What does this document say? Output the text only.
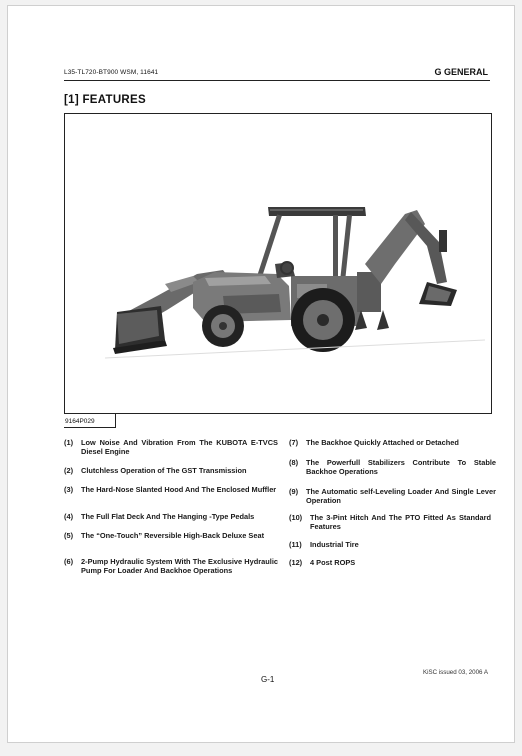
L35-TL720-BT900 WSM, 11641	G GENERAL
[1] FEATURES
9164P029
(1) Low Noise And Vibration From The KUBOTA E-TVCS Diesel Engine
(2) Clutchless Operation of The GST Transmission
(3) The Hard-Nose Slanted Hood And The Enclosed Muffler
(4) The Full Flat Deck And The Hanging -Type Pedals
(5) The “One-Touch” Reversible High-Back Deluxe Seat
(6) 2-Pump Hydraulic System With The Exclusive Hydraulic Pump For Loader And Backhoe Operations
(7) The Backhoe Quickly Attached or Detached
(8) The Powerfull Stabilizers Contribute To Stable Backhoe Operations
(9) The Automatic self-Leveling Loader And Single Lever Operation
(10) The 3-Pint Hitch And The PTO Fitted As Standard Features
(11) Industrial Tire
(12) 4 Post ROPS
G-1
KiSC issued 03, 2006 A
